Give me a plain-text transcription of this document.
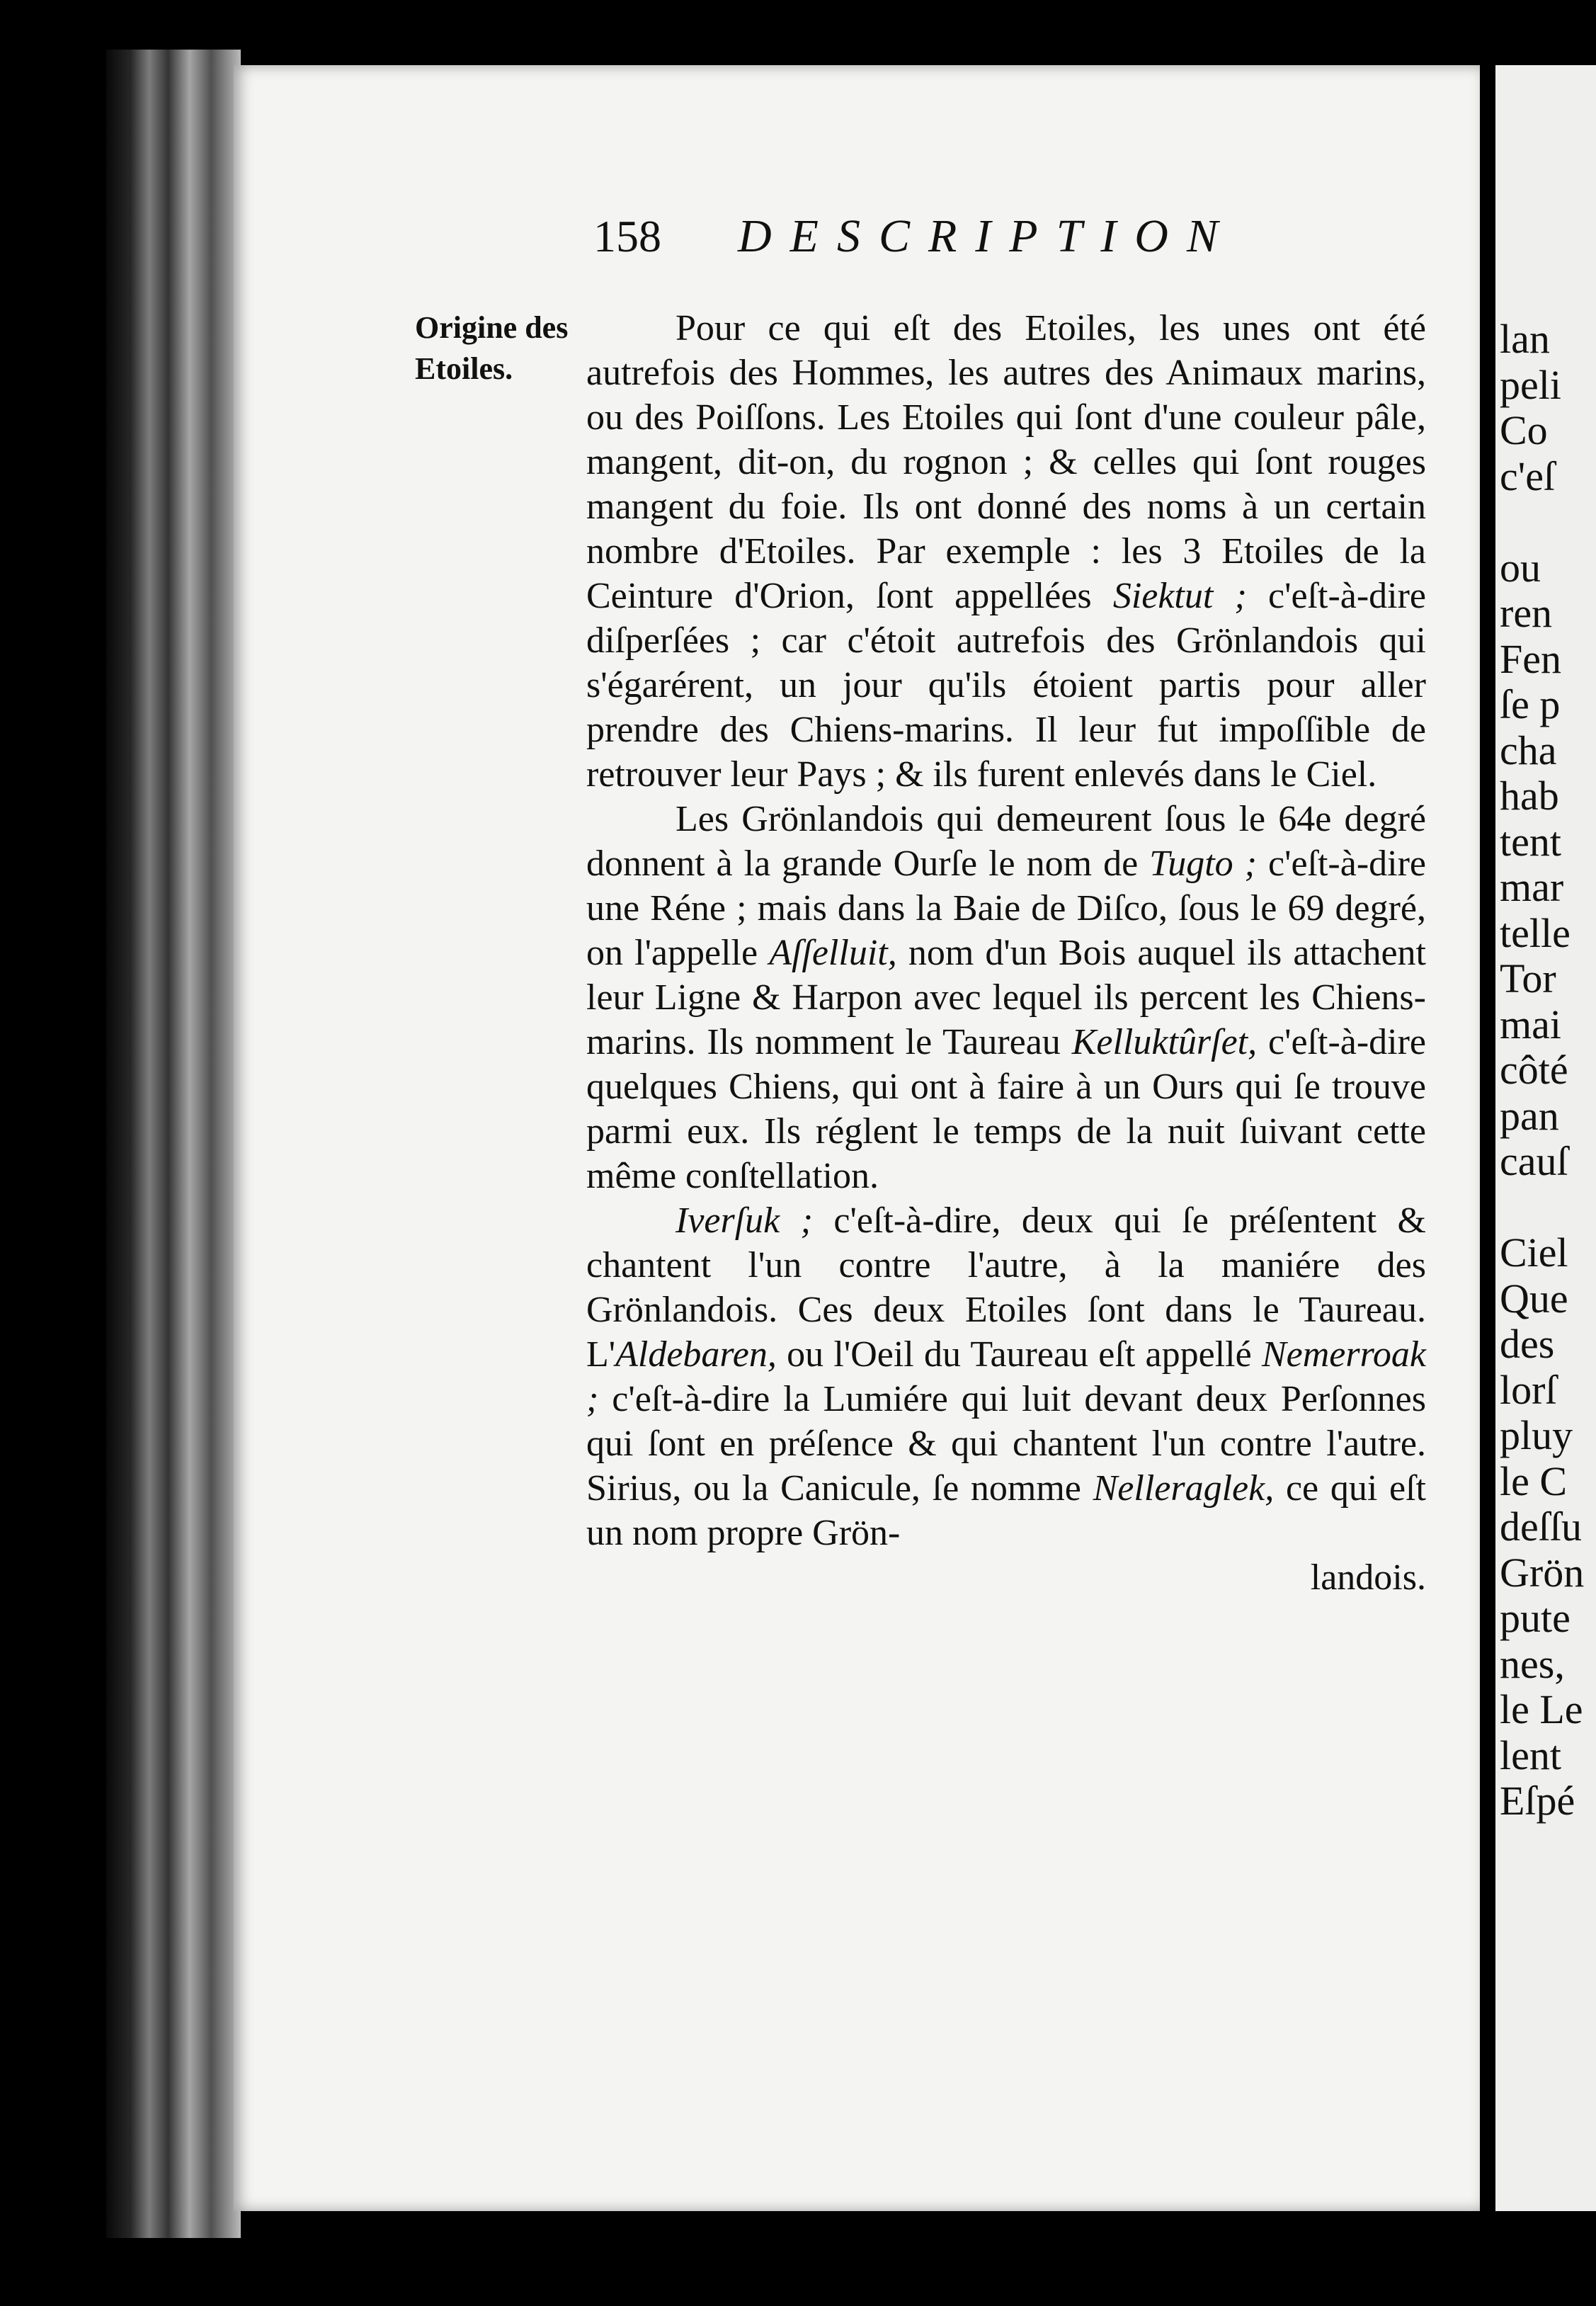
158 DESCRIPTION
Origine des
Etoiles.

Pour ce qui eſt des Etoiles, les unes ont été autrefois des Hommes, les autres des Animaux marins, ou des Poiſſons. Les Etoiles qui ſont d'une couleur pâle, mangent, dit-on, du rognon ; & celles qui ſont rouges mangent du foie. Ils ont donné des noms à un certain nombre d'Etoiles. Par exemple : les 3 Etoiles de la Ceinture d'Orion, ſont appellées Siektut ; c'eſt-à-dire diſperſées ; car c'étoit autrefois des Grönlandois qui s'égarérent, un jour qu'ils étoient partis pour aller prendre des Chiens-marins. Il leur fut impoſſible de retrouver leur Pays ; & ils furent enlevés dans le Ciel.

Les Grönlandois qui demeurent ſous le 64e degré donnent à la grande Ourſe le nom de Tugto ; c'eſt-à-dire une Réne ; mais dans la Baie de Diſco, ſous le 69 degré, on l'appelle Aſſelluit, nom d'un Bois auquel ils attachent leur Ligne & Harpon avec lequel ils percent les Chiens-marins. Ils nomment le Taureau Kelluktûrſet, c'eſt-à-dire quelques Chiens, qui ont à faire à un Ours qui ſe trouve parmi eux. Ils réglent le temps de la nuit ſuivant cette même conſtellation.

Iverſuk ; c'eſt-à-dire, deux qui ſe préſentent & chantent l'un contre l'autre, à la maniére des Grönlandois. Ces deux Etoiles ſont dans le Taureau. L'Aldebaren, ou l'Oeil du Taureau eſt appellé Nemerroak ; c'eſt-à-dire la Lumiére qui luit devant deux Perſonnes qui ſont en préſence & qui chantent l'un contre l'autre. Sirius, ou la Canicule, ſe nomme Nelleraglek, ce qui eſt un nom propre Grön-

landois.

lan
peli
Co
c'eſ
ou
ren
Fen
ſe p
cha
hab
tent
mar
telle
Tor
mai
côté
pan
cauſ
Ciel
Que
des
lorſ
pluy
le C
deſſu
Grön
pute
nes,
le Le
lent
Eſpé
